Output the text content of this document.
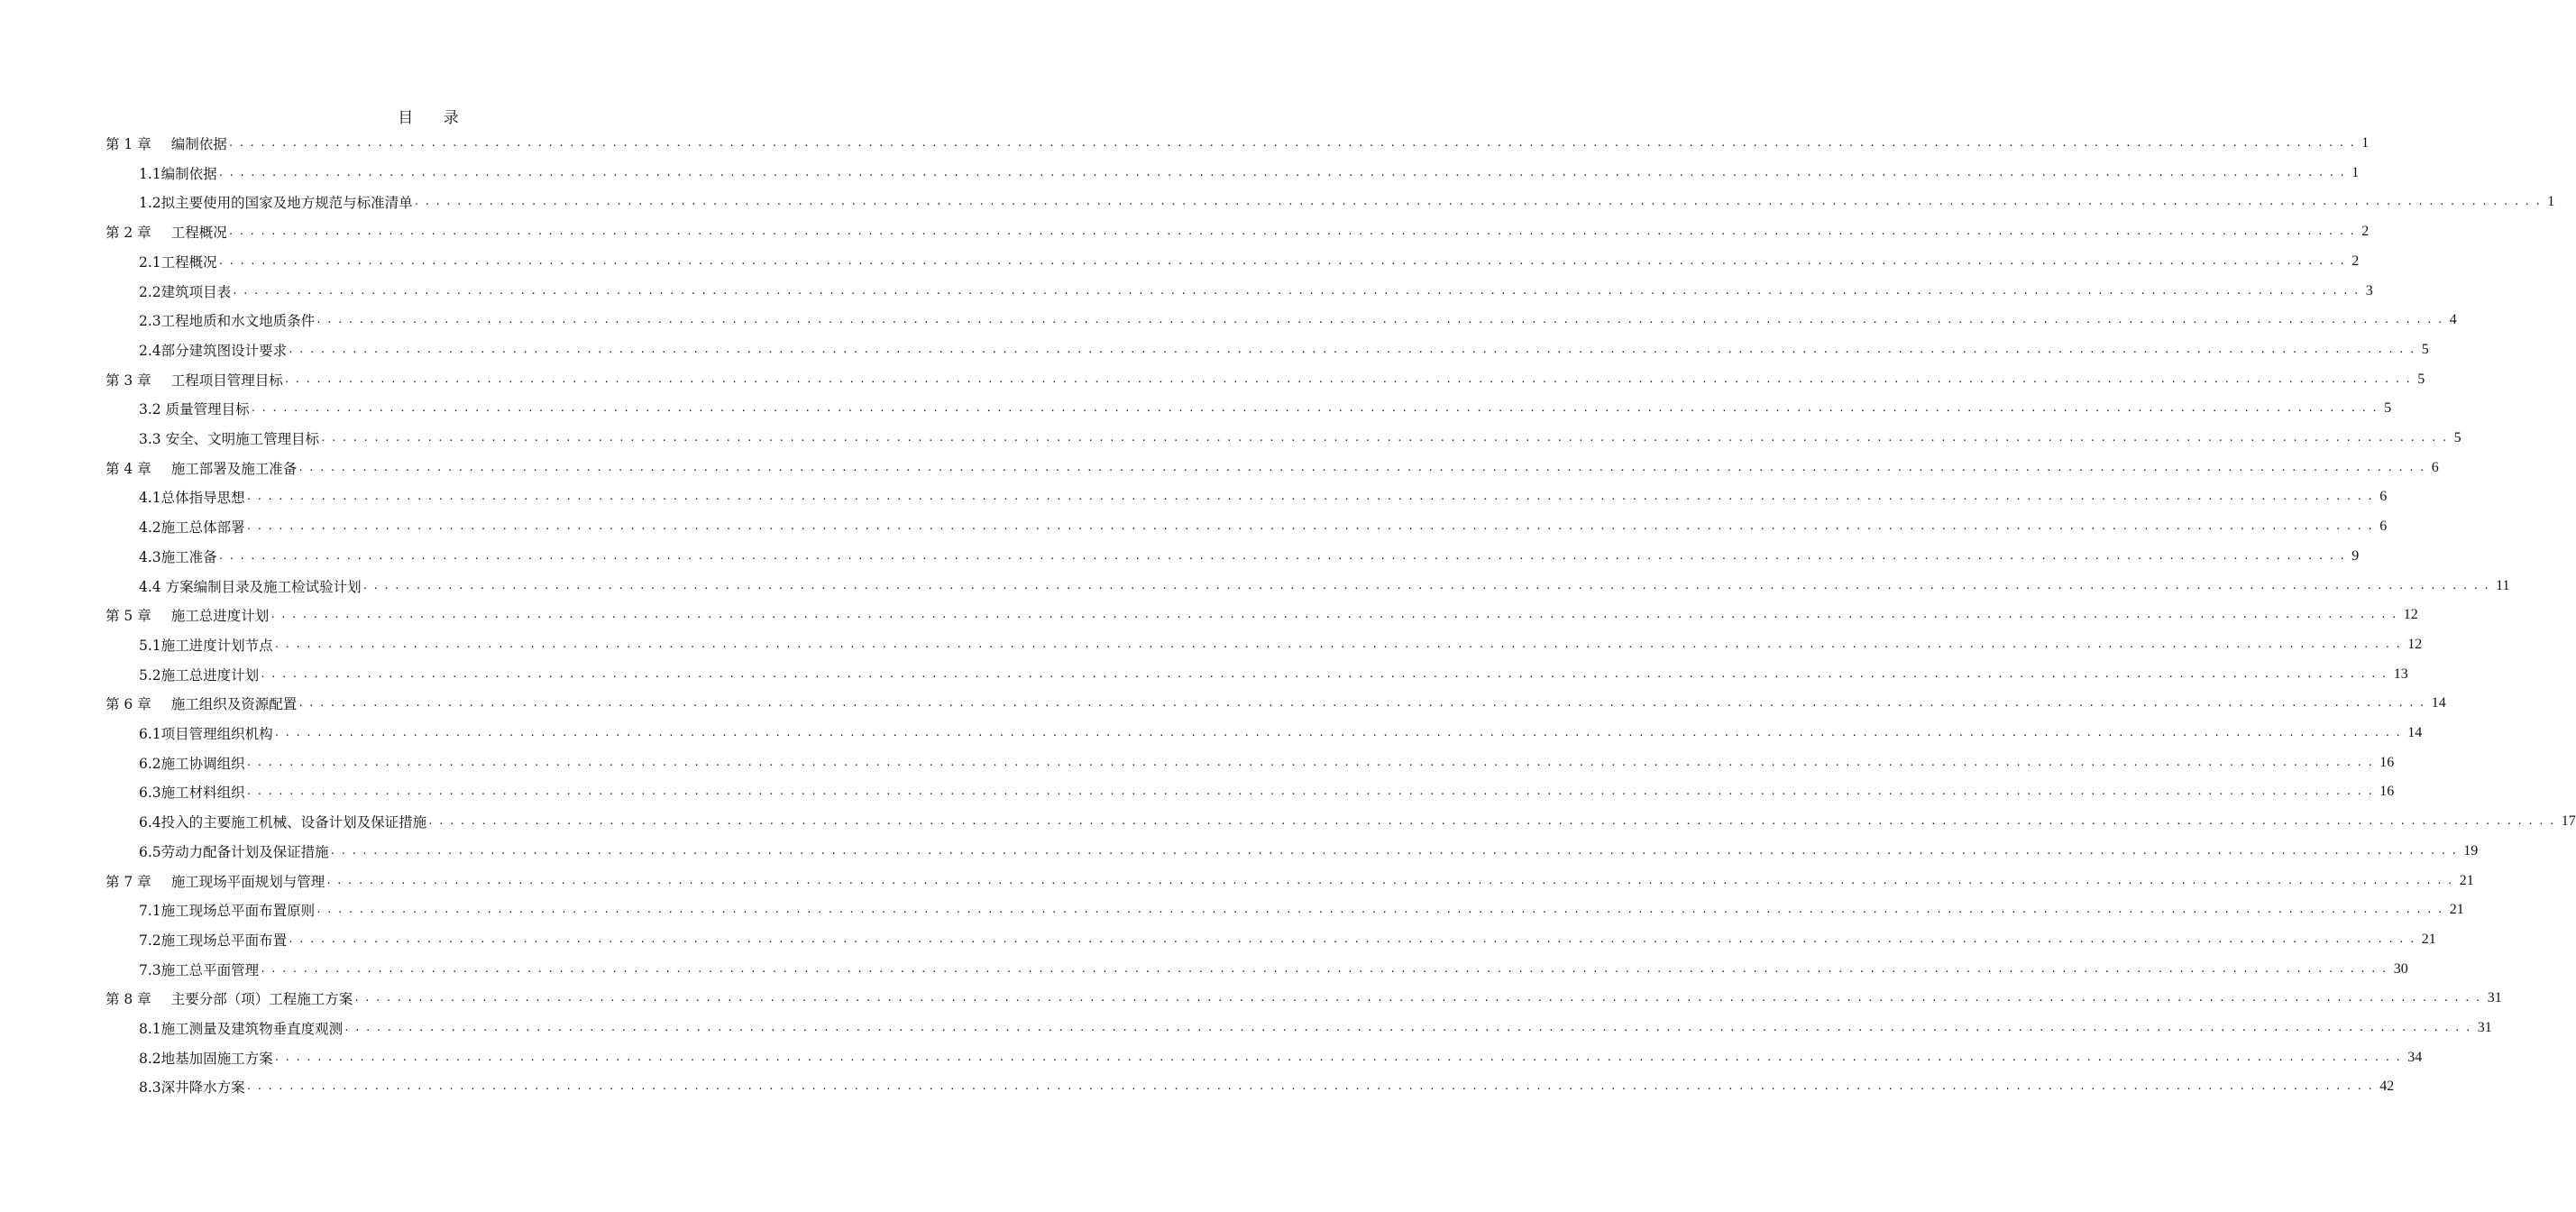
目 录
第 1 章 编制依据 ........................................................................................................................................................................................................ 1
1.1编制依据 ........................................................................................................................................................................................................ 1
1.2拟主要使用的国家及地方规范与标准清单 ........................................................................................................................................................................................................ 1
第 2 章 工程概况 ........................................................................................................................................................................................................ 2
2.1工程概况 ........................................................................................................................................................................................................ 2
2.2建筑项目表 ........................................................................................................................................................................................................ 3
2.3工程地质和水文地质条件 ........................................................................................................................................................................................................ 4
2.4部分建筑图设计要求 ........................................................................................................................................................................................................ 5
第 3 章 工程项目管理目标 ........................................................................................................................................................................................................ 5
3.2 质量管理目标 ........................................................................................................................................................................................................ 5
3.3 安全、文明施工管理目标 ........................................................................................................................................................................................................ 5
第 4 章 施工部署及施工准备 ........................................................................................................................................................................................................ 6
4.1总体指导思想 ........................................................................................................................................................................................................ 6
4.2施工总体部署 ........................................................................................................................................................................................................ 6
4.3施工准备 ........................................................................................................................................................................................................ 9
4.4 方案编制目录及施工检试验计划 ........................................................................................................................................................................................................ 11
第 5 章 施工总进度计划 ........................................................................................................................................................................................................ 12
5.1施工进度计划节点 ........................................................................................................................................................................................................ 12
5.2施工总进度计划 ........................................................................................................................................................................................................ 13
第 6 章 施工组织及资源配置 ........................................................................................................................................................................................................ 14
6.1项目管理组织机构 ........................................................................................................................................................................................................ 14
6.2施工协调组织 ........................................................................................................................................................................................................ 16
6.3施工材料组织 ........................................................................................................................................................................................................ 16
6.4投入的主要施工机械、设备计划及保证措施 ........................................................................................................................................................................................................ 17
6.5劳动力配备计划及保证措施 ........................................................................................................................................................................................................ 19
第 7 章 施工现场平面规划与管理 ........................................................................................................................................................................................................ 21
7.1施工现场总平面布置原则 ........................................................................................................................................................................................................ 21
7.2施工现场总平面布置 ........................................................................................................................................................................................................ 21
7.3施工总平面管理 ........................................................................................................................................................................................................ 30
第 8 章 主要分部（项）工程施工方案 ........................................................................................................................................................................................................ 31
8.1施工测量及建筑物垂直度观测 ........................................................................................................................................................................................................ 31
8.2地基加固施工方案 ........................................................................................................................................................................................................ 34
8.3深井降水方案 ........................................................................................................................................................................................................ 42
